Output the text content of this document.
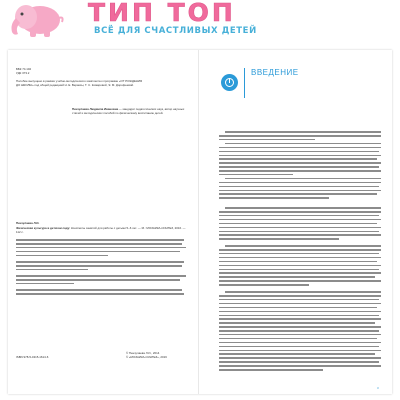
ТИП ТОП
ВСЁ ДЛЯ СЧАСТЛИВЫХ ДЕТЕЙ

ББК 74.102

УДК 373.2

Пособие выпущено в рамках учебно-методического комплекта к программе «ОТ РОЖДЕНИЯ ДО ШКОЛЫ» под общей редакцией Н. Е. Вераксы, Т. С. Комаровой, Э. М. Дорофеевой.

Пензулаева Людмила Ивановна — кандидат педагогических наук, автор научных статей и методических пособий по физическому воспитанию детей.

Пензулаева Л.И.

Физическая культура в детском саду: Конспекты занятий для работы с детьми 5–6 лет. — М.: МОЗАИКА-СИНТЕЗ, 2016. — 112 с.

ISBN 978-5-4315-1614-6

© Пензулаева Л.И., 2014

© «МОЗАИКА-СИНТЕЗ», 2016

ВВЕДЕНИЕ
3
